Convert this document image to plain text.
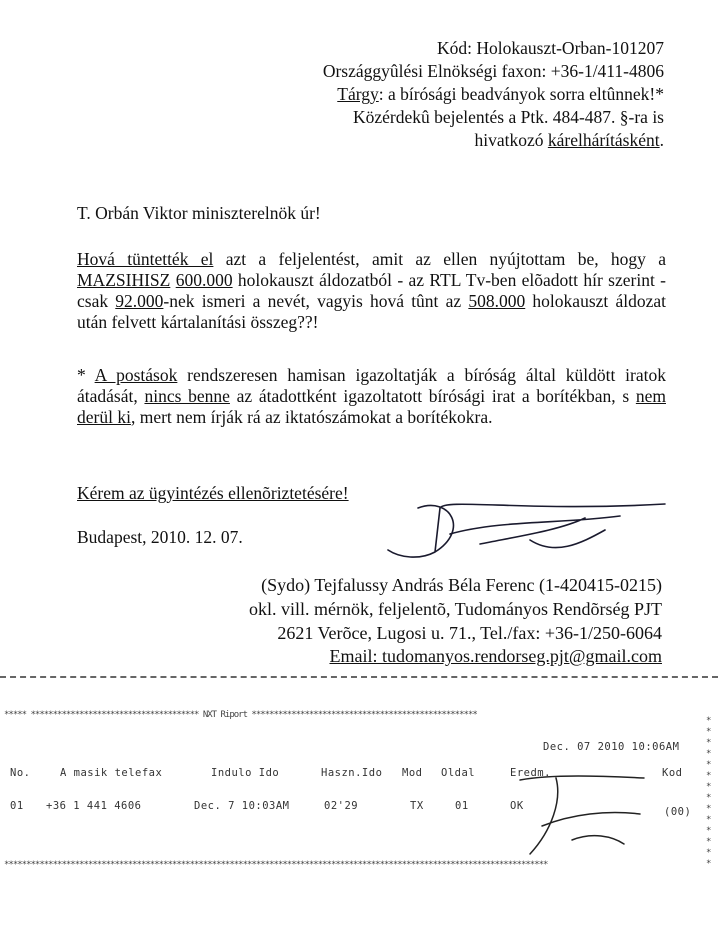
Kód: Holokauszt-Orban-101207
Országgyûlési Elnökségi faxon: +36-1/411-4806
Tárgy: a bírósági beadványok sorra eltûnnek!*
Közérdekû bejelentés a Ptk. 484-487. §-ra is
hivatkozó kárelhárításként.
T. Orbán Viktor miniszterelnök úr!
Hová tüntették el azt a feljelentést, amit az ellen nyújtottam be, hogy a MAZSIHISZ 600.000 holokauszt áldozatból - az RTL Tv-ben elõadott hír szerint - csak 92.000-nek ismeri a nevét, vagyis hová tûnt az 508.000 holokauszt áldozat után felvett kártalanítási összeg??!
* A postások rendszeresen hamisan igazoltatják a bíróság által küldött iratok átadását, nincs benne az átadottként igazoltatott bírósági irat a borítékban, s nem derül ki, mert nem írják rá az iktatószámokat a borítékokra.
Kérem az ügyintézés ellenõriztetésére!
Budapest, 2010. 12. 07.
(Sydo) Tejfalussy András Béla Ferenc (1-420415-0215)
okl. vill. mérnök, feljelentõ, Tudományos Rendõrség PJT
2621 Verõce, Lugosi u. 71., Tel./fax: +36-1/250-6064
Email: tudomanyos.rendorseg.pjt@gmail.com
***** ************************************** NXT Riport ***************************************************
**************
Dec. 07 2010 10:06AM
No.	A masik telefax	Indulo Ido	Haszn.Ido Mod Oldal	Eredm.	Kod
01 +36 1 441 4606	Dec. 7 10:03AM	02'29	TX	01	OK	(00)
***************************************************************************************************************************
